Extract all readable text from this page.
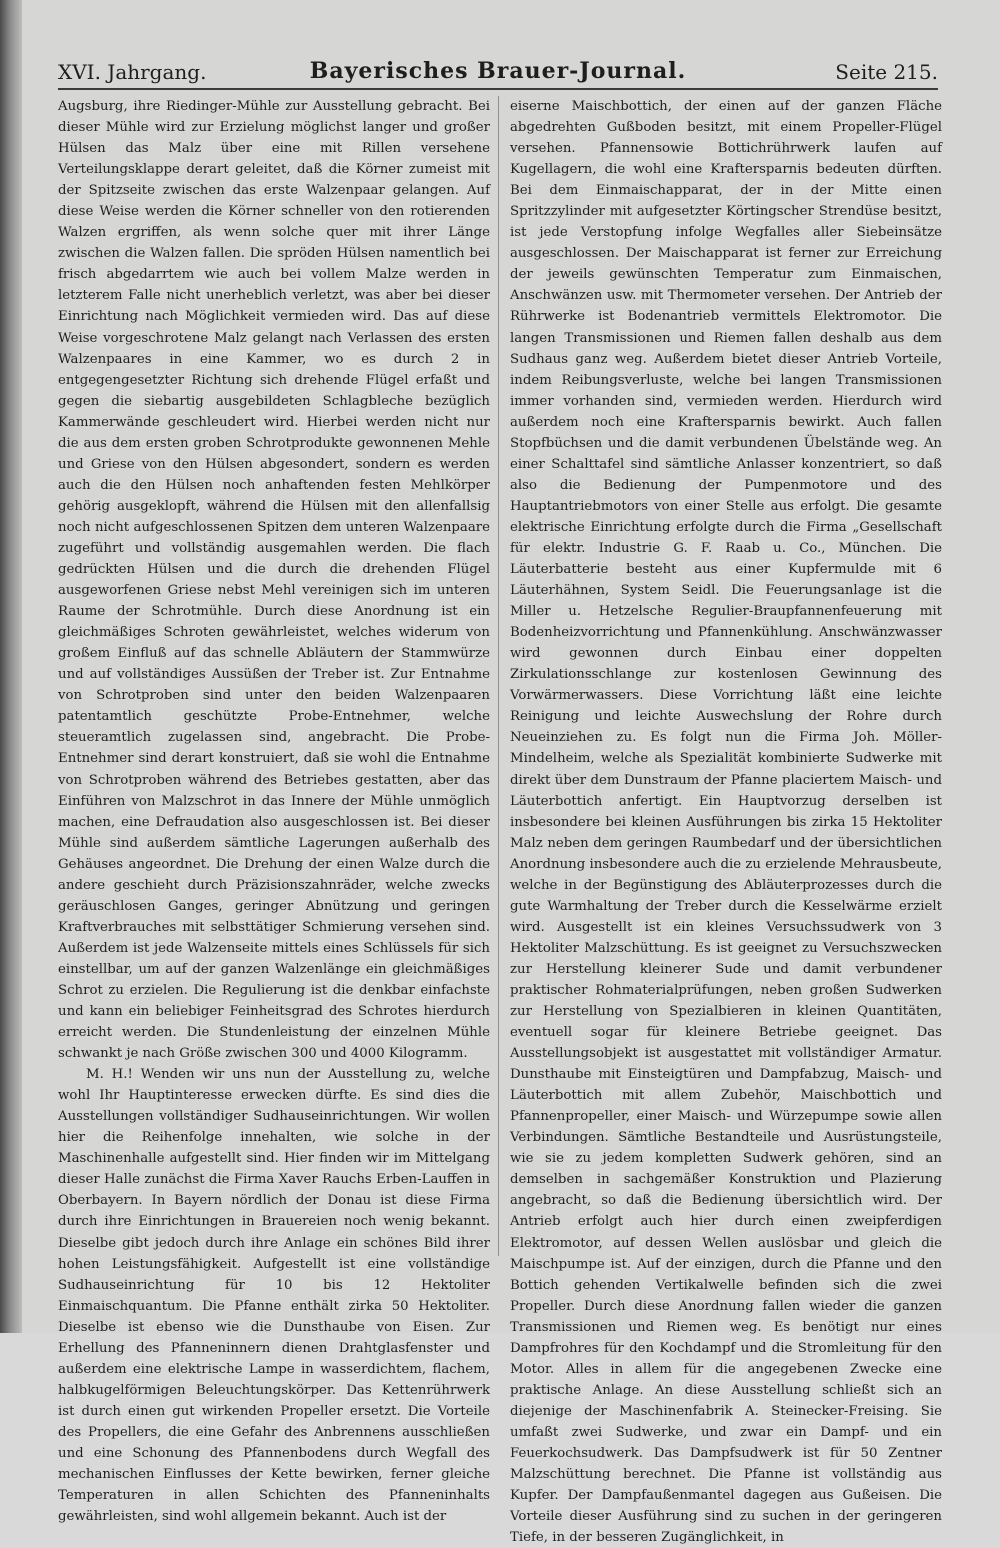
XVI. Jahrgang.	Bayerisches Brauer-Journal.	Seite 215.

Augsburg, ihre Riedinger-Mühle zur Ausstellung gebracht. Bei dieser Mühle wird zur Erzielung möglichst langer und großer Hülsen das Malz über eine mit Rillen versehene Verteilungsklappe derart geleitet, daß die Körner zumeist mit der Spitzseite zwischen das erste Walzenpaar gelangen. Auf diese Weise werden die Körner schneller von den rotierenden Walzen ergriffen, als wenn solche quer mit ihrer Länge zwischen die Walzen fallen. Die spröden Hülsen namentlich bei frisch abgedarrtem wie auch bei vollem Malze werden in letzterem Falle nicht unerheblich verletzt, was aber bei dieser Einrichtung nach Möglichkeit vermieden wird. Das auf diese Weise vorgeschrotene Malz gelangt nach Verlassen des ersten Walzenpaares in eine Kammer, wo es durch 2 in entgegengesetzter Richtung sich drehende Flügel erfaßt und gegen die siebartig ausgebildeten Schlagbleche bezüglich Kammerwände geschleudert wird. Hierbei werden nicht nur die aus dem ersten groben Schrotprodukte gewonnenen Mehle und Griese von den Hülsen abgesondert, sondern es werden auch die den Hülsen noch anhaftenden festen Mehlkörper gehörig ausgeklopft, während die Hülsen mit den allenfallsig noch nicht aufgeschlossenen Spitzen dem unteren Walzenpaare zugeführt und vollständig ausgemahlen werden. Die flach gedrückten Hülsen und die durch die drehenden Flügel ausgeworfenen Griese nebst Mehl vereinigen sich im unteren Raume der Schrotmühle. Durch diese Anordnung ist ein gleichmäßiges Schroten gewährleistet, welches widerum von großem Einfluß auf das schnelle Abläutern der Stammwürze und auf vollständiges Aussüßen der Treber ist. Zur Entnahme von Schrotproben sind unter den beiden Walzenpaaren patentamtlich geschützte Probe-Entnehmer, welche steueramtlich zugelassen sind, angebracht. Die Probe-Entnehmer sind derart konstruiert, daß sie wohl die Entnahme von Schrotproben während des Betriebes gestatten, aber das Einführen von Malzschrot in das Innere der Mühle unmöglich machen, eine Defraudation also ausgeschlossen ist. Bei dieser Mühle sind außerdem sämtliche Lagerungen außerhalb des Gehäuses angeordnet. Die Drehung der einen Walze durch die andere geschieht durch Präzisionszahnräder, welche zwecks geräuschlosen Ganges, geringer Abnützung und geringen Kraftverbrauches mit selbsttätiger Schmierung versehen sind. Außerdem ist jede Walzenseite mittels eines Schlüssels für sich einstellbar, um auf der ganzen Walzenlänge ein gleichmäßiges Schrot zu erzielen. Die Regulierung ist die denkbar einfachste und kann ein beliebiger Feinheitsgrad des Schrotes hierdurch erreicht werden. Die Stundenleistung der einzelnen Mühle schwankt je nach Größe zwischen 300 und 4000 Kilogramm.

M. H.! Wenden wir uns nun der Ausstellung zu, welche wohl Ihr Hauptinteresse erwecken dürfte. Es sind dies die Ausstellungen vollständiger Sudhauseinrichtungen. Wir wollen hier die Reihenfolge innehalten, wie solche in der Maschinenhalle aufgestellt sind. Hier finden wir im Mittelgang dieser Halle zunächst die Firma Xaver Rauchs Erben-Lauffen in Oberbayern. In Bayern nördlich der Donau ist diese Firma durch ihre Einrichtungen in Brauereien noch wenig bekannt. Dieselbe gibt jedoch durch ihre Anlage ein schönes Bild ihrer hohen Leistungsfähigkeit. Aufgestellt ist eine vollständige Sudhauseinrichtung für 10 bis 12 Hektoliter Einmaischquantum. Die Pfanne enthält zirka 50 Hektoliter. Dieselbe ist ebenso wie die Dunsthaube von Eisen. Zur Erhellung des Pfanneninnern dienen Drahtglasfenster und außerdem eine elektrische Lampe in wasserdichtem, flachem, halbkugelförmigen Beleuchtungskörper. Das Kettenrührwerk ist durch einen gut wirkenden Propeller ersetzt. Die Vorteile des Propellers, die eine Gefahr des Anbrennens ausschließen und eine Schonung des Pfannenbodens durch Wegfall des mechanischen Einflusses der Kette bewirken, ferner gleiche Temperaturen in allen Schichten des Pfanneninhalts gewährleisten, sind wohl allgemein bekannt. Auch ist der

eiserne Maischbottich, der einen auf der ganzen Fläche abgedrehten Gußboden besitzt, mit einem Propeller-Flügel versehen. Pfannensowie Bottichrührwerk laufen auf Kugellagern, die wohl eine Kraftersparnis bedeuten dürften. Bei dem Einmaischapparat, der in der Mitte einen Spritzzylinder mit aufgesetzter Körtingscher Strendüse besitzt, ist jede Verstopfung infolge Wegfalles aller Siebeinsätze ausgeschlossen. Der Maischapparat ist ferner zur Erreichung der jeweils gewünschten Temperatur zum Einmaischen, Anschwänzen usw. mit Thermometer versehen. Der Antrieb der Rührwerke ist Bodenantrieb vermittels Elektromotor. Die langen Transmissionen und Riemen fallen deshalb aus dem Sudhaus ganz weg. Außerdem bietet dieser Antrieb Vorteile, indem Reibungsverluste, welche bei langen Transmissionen immer vorhanden sind, vermieden werden. Hierdurch wird außerdem noch eine Kraftersparnis bewirkt. Auch fallen Stopfbüchsen und die damit verbundenen Übelstände weg. An einer Schalttafel sind sämtliche Anlasser konzentriert, so daß also die Bedienung der Pumpenmotore und des Hauptantriebmotors von einer Stelle aus erfolgt. Die gesamte elektrische Einrichtung erfolgte durch die Firma „Gesellschaft für elektr. Industrie G. F. Raab u. Co., München. Die Läuterbatterie besteht aus einer Kupfermulde mit 6 Läuterhähnen, System Seidl. Die Feuerungsanlage ist die Miller u. Hetzelsche Regulier-Braupfannenfeuerung mit Bodenheizvorrichtung und Pfannenkühlung. Anschwänzwasser wird gewonnen durch Einbau einer doppelten Zirkulationsschlange zur kostenlosen Gewinnung des Vorwärmerwassers. Diese Vorrichtung läßt eine leichte Reinigung und leichte Auswechslung der Rohre durch Neueinziehen zu. Es folgt nun die Firma Joh. Möller-Mindelheim, welche als Spezialität kombinierte Sudwerke mit direkt über dem Dunstraum der Pfanne placiertem Maisch- und Läuterbottich anfertigt. Ein Hauptvorzug derselben ist insbesondere bei kleinen Ausführungen bis zirka 15 Hektoliter Malz neben dem geringen Raumbedarf und der übersichtlichen Anordnung insbesondere auch die zu erzielende Mehrausbeute, welche in der Begünstigung des Abläuterprozesses durch die gute Warmhaltung der Treber durch die Kesselwärme erzielt wird. Ausgestellt ist ein kleines Versuchssudwerk von 3 Hektoliter Malzschüttung. Es ist geeignet zu Versuchszwecken zur Herstellung kleinerer Sude und damit verbundener praktischer Rohmaterialprüfungen, neben großen Sudwerken zur Herstellung von Spezialbieren in kleinen Quantitäten, eventuell sogar für kleinere Betriebe geeignet. Das Ausstellungsobjekt ist ausgestattet mit vollständiger Armatur. Dunsthaube mit Einsteigtüren und Dampfabzug, Maisch- und Läuterbottich mit allem Zubehör, Maischbottich und Pfannenpropeller, einer Maisch- und Würzepumpe sowie allen Verbindungen. Sämtliche Bestandteile und Ausrüstungsteile, wie sie zu jedem kompletten Sudwerk gehören, sind an demselben in sachgemäßer Konstruktion und Plazierung angebracht, so daß die Bedienung übersichtlich wird. Der Antrieb erfolgt auch hier durch einen zweipferdigen Elektromotor, auf dessen Wellen auslösbar und gleich die Maischpumpe ist. Auf der einzigen, durch die Pfanne und den Bottich gehenden Vertikalwelle befinden sich die zwei Propeller. Durch diese Anordnung fallen wieder die ganzen Transmissionen und Riemen weg. Es benötigt nur eines Dampfrohres für den Kochdampf und die Stromleitung für den Motor. Alles in allem für die angegebenen Zwecke eine praktische Anlage. An diese Ausstellung schließt sich an diejenige der Maschinenfabrik A. Steinecker-Freising. Sie umfaßt zwei Sudwerke, und zwar ein Dampf- und ein Feuerkochsudwerk. Das Dampfsudwerk ist für 50 Zentner Malzschüttung berechnet. Die Pfanne ist vollständig aus Kupfer. Der Dampfaußenmantel dagegen aus Gußeisen. Die Vorteile dieser Ausführung sind zu suchen in der geringeren Tiefe, in der besseren Zugänglichkeit, in
